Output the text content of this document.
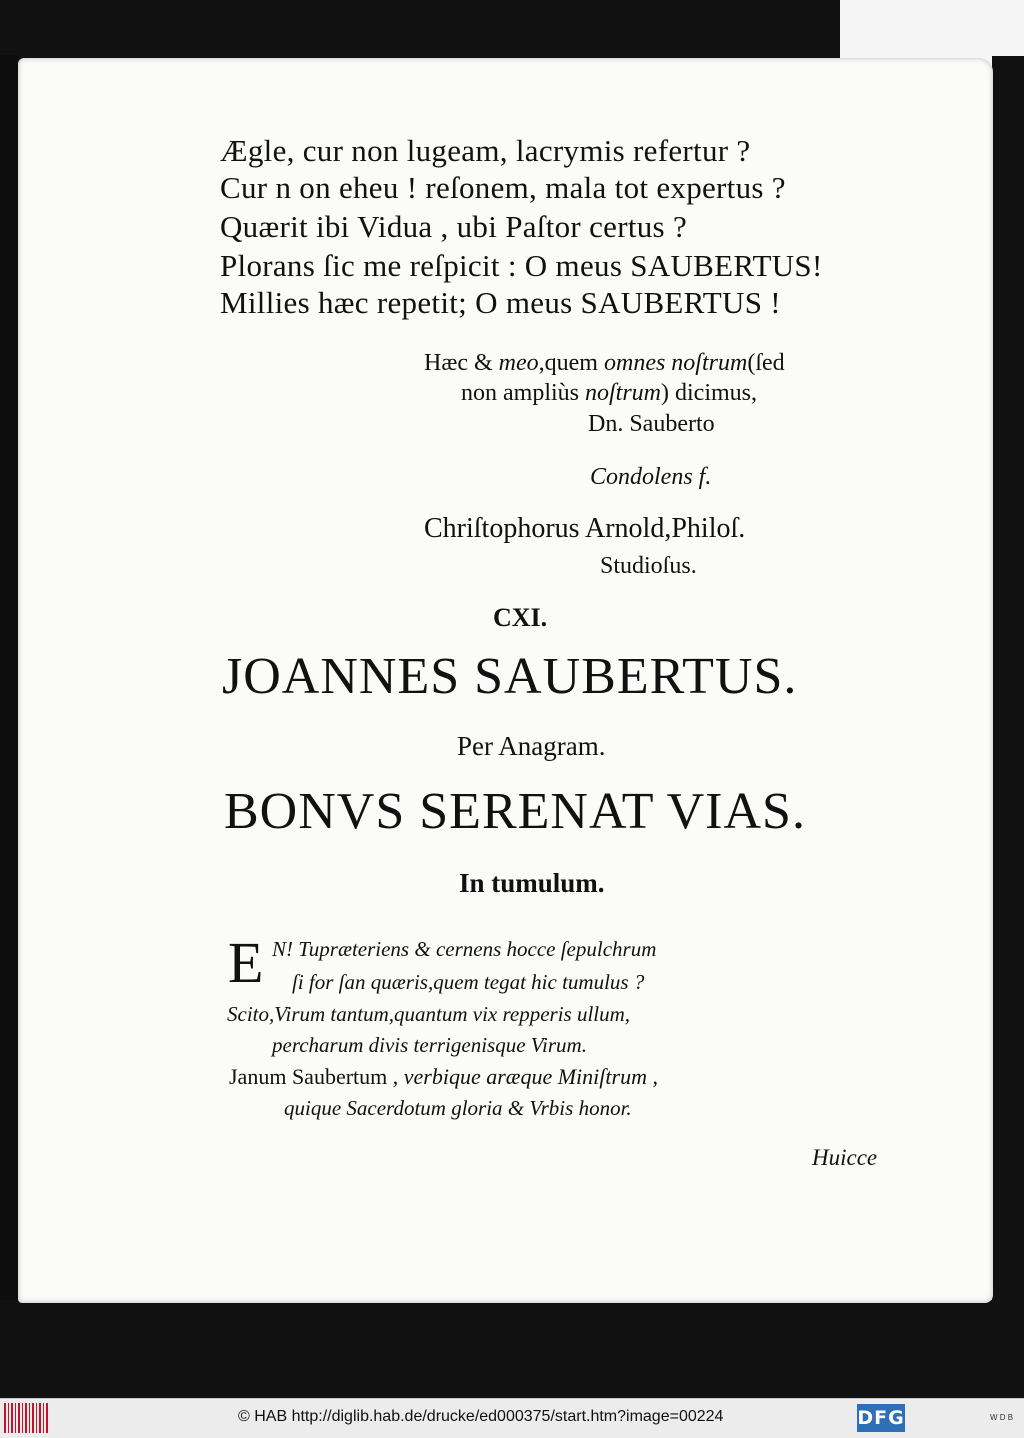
Ægle, cur non lugeam, lacrymis refertur ?
Cur n on eheu ! reſonem, mala tot expertus ?
Quærit ibi Vidua , ubi Paſtor certus ?
Plorans ſic me reſpicit : O meus SAUBERTUS!
Millies hæc repetit; O meus SAUBERTUS !
Hæc & meo,quem omnes noſtrum(ſed
non ampliùs noſtrum) dicimus,
Dn. Sauberto
Condolens f.
Chriſtophorus Arnold,Philoſ.
Studioſus.
CXI.
JOANNES SAUBERTUS.
Per Anagram.
BONVS SERENAT VIAS.
In tumulum.
E N! Tupræteriens & cernens hocce ſepulchrum
ſi for ſan quæris,quem tegat hic tumulus ?
Scito,Virum tantum,quantum vix repperis ullum,
percharum divis terrigenisque Virum.
Janum Saubertum , verbique aræque Miniſtrum ,
quique Sacerdotum gloria & Vrbis honor.
Huicce
© HAB http://diglib.hab.de/drucke/ed000375/start.htm?image=00224	DFG	W D B
